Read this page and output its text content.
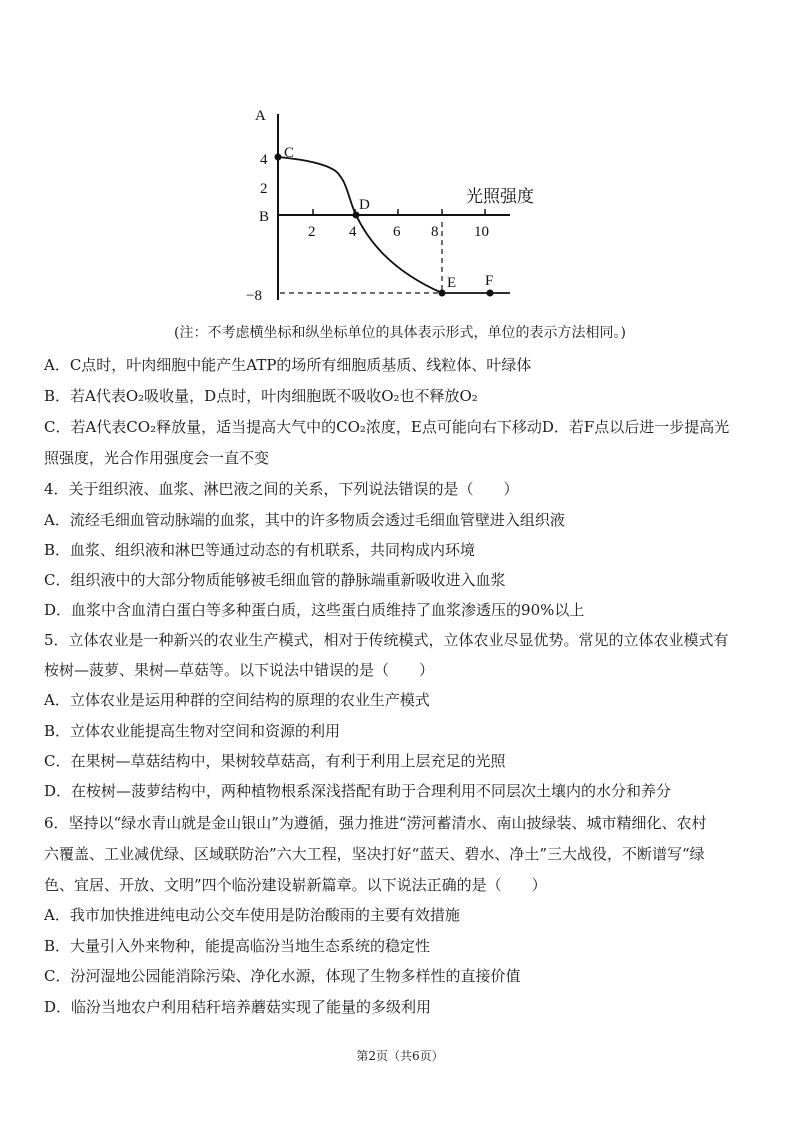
A
光照强度
B
4
2
−8
2 4 6 8 10
C
D
E F
(注：不考虑横坐标和纵坐标单位的具体表示形式，单位的表示方法相同。)
A．C点时，叶肉细胞中能产生ATP的场所有细胞质基质、线粒体、叶绿体
B．若A代表O₂吸收量，D点时，叶肉细胞既不吸收O₂也不释放O₂
C．若A代表CO₂释放量，适当提高大气中的CO₂浓度，E点可能向右下移动D．若F点以后进一步提高光
照强度，光合作用强度会一直不变
4．关于组织液、血浆、淋巴液之间的关系，下列说法错误的是（　　）
A．流经毛细血管动脉端的血浆，其中的许多物质会透过毛细血管壁进入组织液
B．血浆、组织液和淋巴等通过动态的有机联系，共同构成内环境
C．组织液中的大部分物质能够被毛细血管的静脉端重新吸收进入血浆
D．血浆中含血清白蛋白等多种蛋白质，这些蛋白质维持了血浆渗透压的90%以上
5．立体农业是一种新兴的农业生产模式，相对于传统模式，立体农业尽显优势。常见的立体农业模式有
桉树—菠萝、果树—草菇等。以下说法中错误的是（　　）
A．立体农业是运用种群的空间结构的原理的农业生产模式
B．立体农业能提高生物对空间和资源的利用
C．在果树—草菇结构中，果树较草菇高，有利于利用上层充足的光照
D．在桉树—菠萝结构中，两种植物根系深浅搭配有助于合理利用不同层次土壤内的水分和养分
6．坚持以“绿水青山就是金山银山”为遵循，强力推进“涝河蓄清水、南山披绿装、城市精细化、农村
六覆盖、工业减优绿、区域联防治”六大工程，坚决打好“蓝天、碧水、净土”三大战役，不断谱写“绿
色、宜居、开放、文明”四个临汾建设崭新篇章。以下说法正确的是（　　）
A．我市加快推进纯电动公交车使用是防治酸雨的主要有效措施
B．大量引入外来物种，能提高临汾当地生态系统的稳定性
C．汾河湿地公园能消除污染、净化水源，体现了生物多样性的直接价值
D．临汾当地农户利用秸秆培养蘑菇实现了能量的多级利用
第2页（共6页）
